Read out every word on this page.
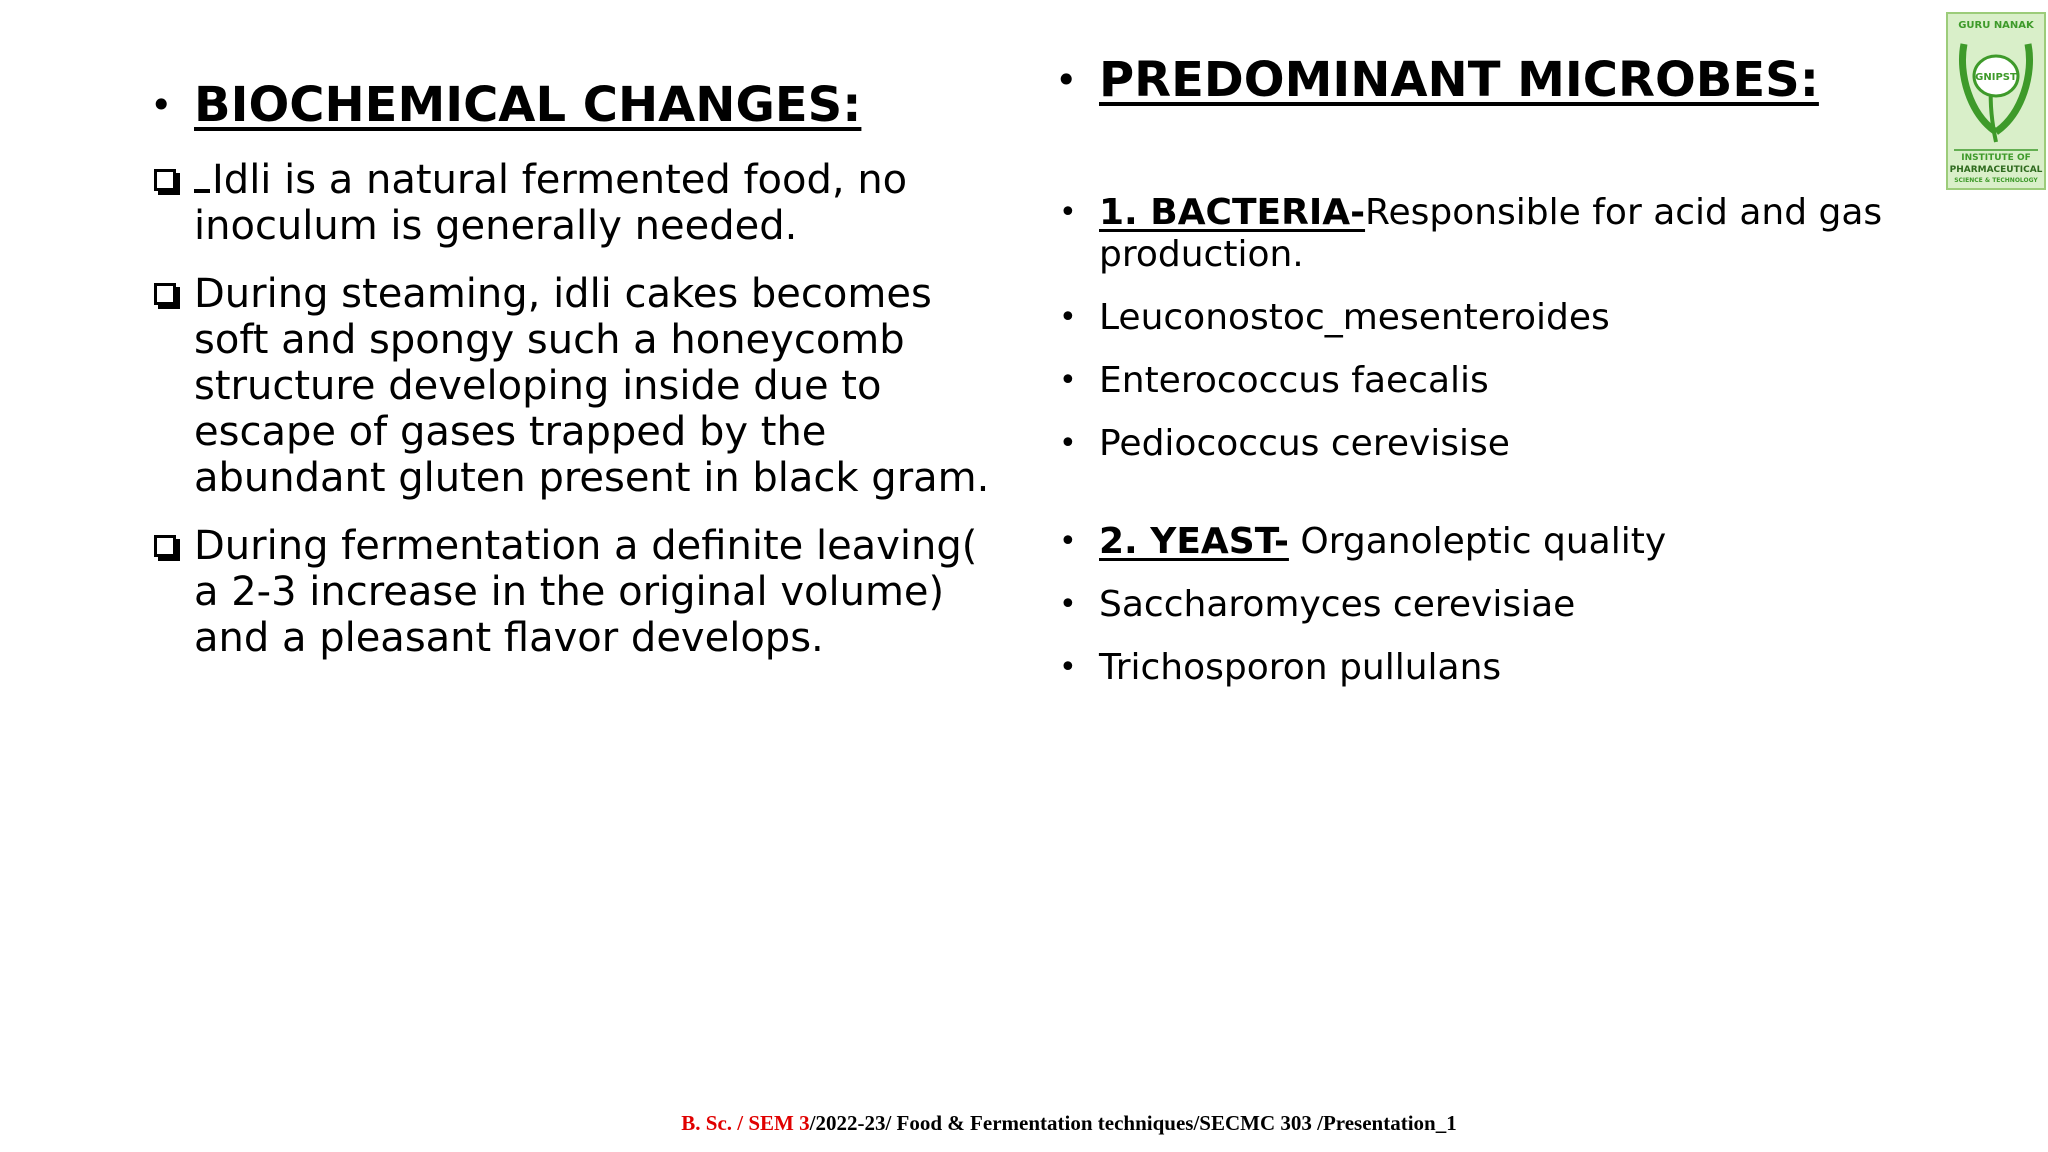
• BIOCHEMICAL CHANGES:
Idli is a natural fermented food, no inoculum is generally needed.
During steaming, idli cakes becomes soft and spongy such a honeycomb structure developing inside due to escape of gases trapped by the abundant gluten present in black gram.
During fermentation a definite leaving( a 2-3 increase in the original volume) and a pleasant flavor develops.
• PREDOMINANT MICROBES:
• 1. BACTERIA-Responsible for acid and gas production.
• Leuconostoc_mesenteroides
• Enterococcus faecalis
• Pediococcus cerevisise
• 2. YEAST- Organoleptic quality
• Saccharomyces cerevisiae
• Trichosporon pullulans
GURU NANAK
GNIPST
INSTITUTE OF
PHARMACEUTICAL
SCIENCE & TECHNOLOGY
B. Sc. / SEM 3/2022-23/ Food & Fermentation techniques/SECMC 303 /Presentation_1
